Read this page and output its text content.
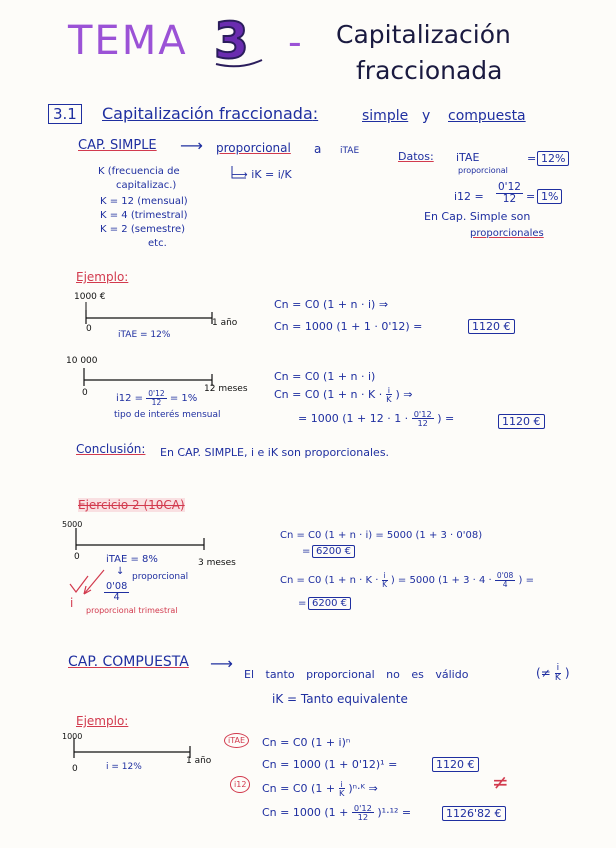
TEMA 3 - Capitalización
fraccionada
3.1	Capitalización fraccionada:	simple y compuesta
CAP. SIMPLE ⟶ proporcional a iTAE
⟶ iK = i/K
K (frecuencia de
capitalizac.)
K = 12 (mensual)
K = 4 (trimestral)
K = 2 (semestre)
etc.
Datos: iTAE
proporcional
= 12%
$i12 = \frac{0'12}{12} = 1\%$
En Cap. Simple son
proporcionales
Ejemplo:
1000 €
0
1 año
iTAE = 12%
Cn = C0 (1 + n · i) ⇒
Cn = 1000 (1 + 1 · 0'12) =	1120 €
10 000
0	12 meses
$i12 = \frac{0'12}{12} = 1\%$
tipo de interés mensual
Cn = C0 (1 + n · i)
Cn = C0 ($1 + n \cdot K \cdot \frac{i}{K}$ ) ⇒
= 1000 ($1 + 12 \cdot 1 \cdot \frac{0'12}{12}$ ) =	1120 €
Conclusión: En CAP. SIMPLE, i e iK son proporcionales.
Ejercicio 2 (10CA)
5000
0
3 meses
iTAE = 8%
↓ proporcional
$\frac{0'08}{4}$
i
proporcional trimestral
Cn = C0 (1 + n · i) = 5000 (1 + 3 · 0'08)
= 6200 €
Cn = C0 ($1 + n \cdot K \cdot \frac{i}{K}$ ) = 5000 ($1 + 3 \cdot 4 \cdot \frac{0'08}{4}$ ) =
= 6200 €
CAP. COMPUESTA ⟶
El tanto proporcional no es válido	(≠ $\frac{i}{K}$ )
iK = Tanto equivalente
Ejemplo:
1000
0
1 año
i = 12%
iTAE	Cn = C0 (1 + i)ⁿ
Cn = 1000 (1 + 0'12)¹ =	1120 €
i12	Cn = C0 ($1 + \frac{i}{K}$ )ⁿ·ᴷ ⇒	≠
Cn = 1000 $(1 + \frac{0'12}{12} )^1\cdot^{12}$ =	1126'82 €
